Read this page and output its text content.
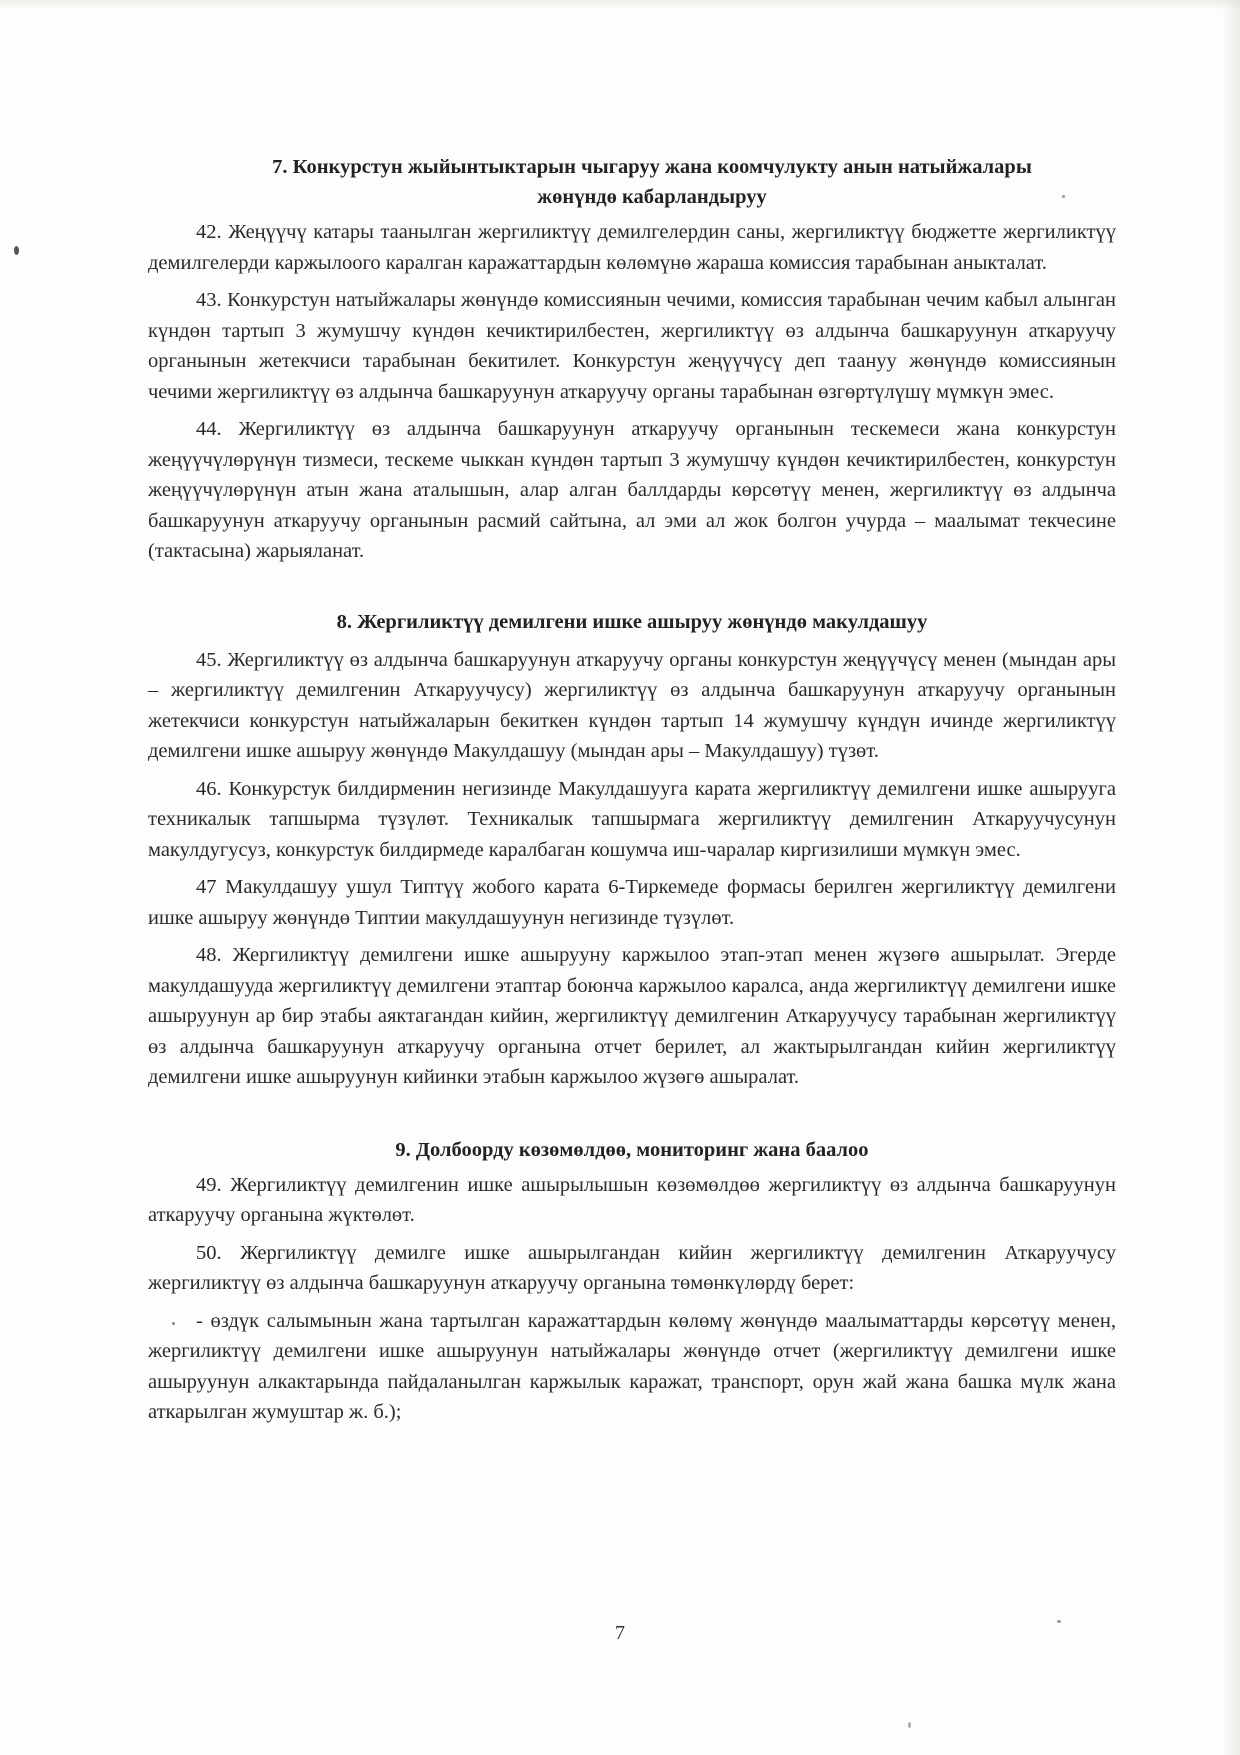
7. Конкурстун жыйынтыктарын чыгаруу жана коомчулукту анын натыйжалары
жөнүндө кабарландыруу

42. Жеңүүчү катары таанылган жергиликтүү демилгелердин саны, жергиликтүү бюджетте жергиликтүү демилгелерди каржылоого каралган каражаттардын көлөмүнө жараша комиссия тарабынан аныкталат.

43. Конкурстун натыйжалары жөнүндө комиссиянын чечими, комиссия тарабынан чечим кабыл алынган күндөн тартып 3 жумушчу күндөн кечиктирилбестен, жергиликтүү өз алдынча башкаруунун аткаруучу органынын жетекчиси тарабынан бекитилет. Конкурстун жеңүүчүсү деп таануу жөнүндө комиссиянын чечими жергиликтүү өз алдынча башкаруунун аткаруучу органы тарабынан өзгөртүлүшү мүмкүн эмес.

44. Жергиликтүү өз алдынча башкаруунун аткаруучу органынын тескемеси жана конкурстун жеңүүчүлөрүнүн тизмеси, тескеме чыккан күндөн тартып 3 жумушчу күндөн кечиктирилбестен, конкурстун жеңүүчүлөрүнүн атын жана аталышын, алар алган баллдарды көрсөтүү менен, жергиликтүү өз алдынча башкаруунун аткаруучу органынын расмий сайтына, ал эми ал жок болгон учурда – маалымат текчесине (тактасына) жарыяланат.

8. Жергиликтүү демилгени ишке ашыруу жөнүндө макулдашуу

45. Жергиликтүү өз алдынча башкаруунун аткаруучу органы конкурстун жеңүүчүсү менен (мындан ары – жергиликтүү демилгенин Аткаруучусу) жергиликтүү өз алдынча башкаруунун аткаруучу органынын жетекчиси конкурстун натыйжаларын бекиткен күндөн тартып 14 жумушчу күндүн ичинде жергиликтүү демилгени ишке ашыруу жөнүндө Макулдашуу (мындан ары – Макулдашуу) түзөт.

46. Конкурстук билдирменин негизинде Макулдашууга карата жергиликтүү демилгени ишке ашырууга техникалык тапшырма түзүлөт. Техникалык тапшырмага жергиликтүү демилгенин Аткаруучусунун макулдугусуз, конкурстук билдирмеде каралбаган кошумча иш-чаралар киргизилиши мүмкүн эмес.

47 Макулдашуу ушул Типтүү жобого карата 6-Тиркемеде формасы берилген жергиликтүү демилгени ишке ашыруу жөнүндө Типтии макулдашуунун негизинде түзүлөт.

48. Жергиликтүү демилгени ишке ашырууну каржылоо этап-этап менен жүзөгө ашырылат. Эгерде макулдашууда жергиликтүү демилгени этаптар боюнча каржылоо каралса, анда жергиликтүү демилгени ишке ашыруунун ар бир этабы аяктагандан кийин, жергиликтүү демилгенин Аткаруучусу тарабынан жергиликтүү өз алдынча башкаруунун аткаруучу органына отчет берилет, ал жактырылгандан кийин жергиликтүү демилгени ишке ашыруунун кийинки этабын каржылоо жүзөгө ашыралат.

9. Долбоорду көзөмөлдөө, мониторинг жана баалоо

49. Жергиликтүү демилгенин ишке ашырылышын көзөмөлдөө жергиликтүү өз алдынча башкаруунун аткаруучу органына жүктөлөт.

50. Жергиликтүү демилге ишке ашырылгандан кийин жергиликтүү демилгенин Аткаруучусу жергиликтүү өз алдынча башкаруунун аткаруучу органына төмөнкүлөрдү берет:

- өздүк салымынын жана тартылган каражаттардын көлөмү жөнүндө маалыматтарды көрсөтүү менен, жергиликтүү демилгени ишке ашыруунун натыйжалары жөнүндө отчет (жергиликтүү демилгени ишке ашыруунун алкактарында пайдаланылган каржылык каражат, транспорт, орун жай жана башка мүлк жана аткарылган жумуштар ж. б.);

7
